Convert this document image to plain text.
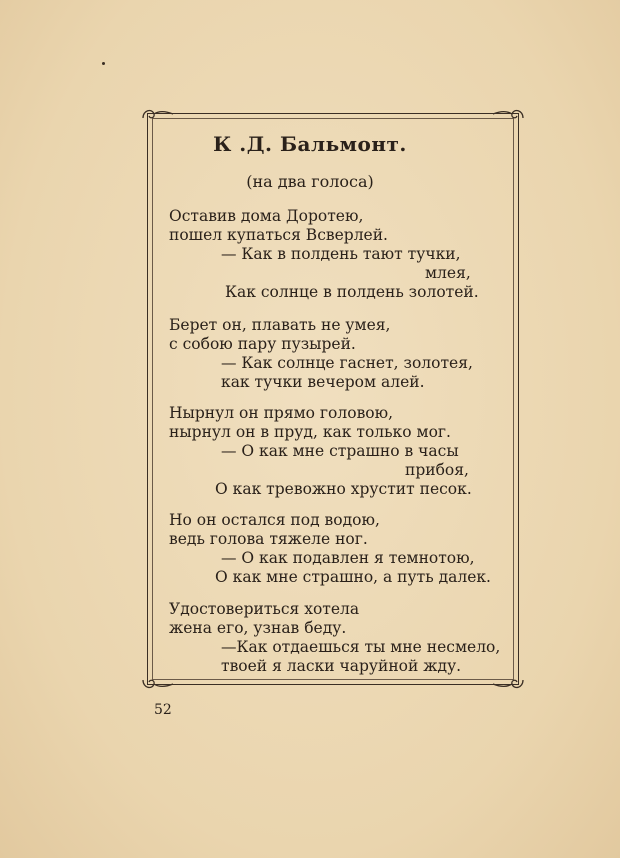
К .Д. Бальмонт.
(на два голоса)
Оставив дома Доротею,
пошел купаться Всверлей.
— Как в полдень тают тучки,
млея,
Как солнце в полдень золотей.
Берет он, плавать не умея,
с собою пару пузырей.
— Как солнце гаснет, золотея,
как тучки вечером алей.
Нырнул он прямо головою,
нырнул он в пруд, как только мог.
— О как мне страшно в часы
прибоя,
О как тревожно хрустит песок.
Но он остался под водою,
ведь голова тяжеле ног.
— О как подавлен я темнотою,
О как мне страшно, а путь далек.
Удостовериться хотела
жена его, узнав беду.
—Как отдаешься ты мне несмело,
твоей я ласки чаруйной жду.
52
